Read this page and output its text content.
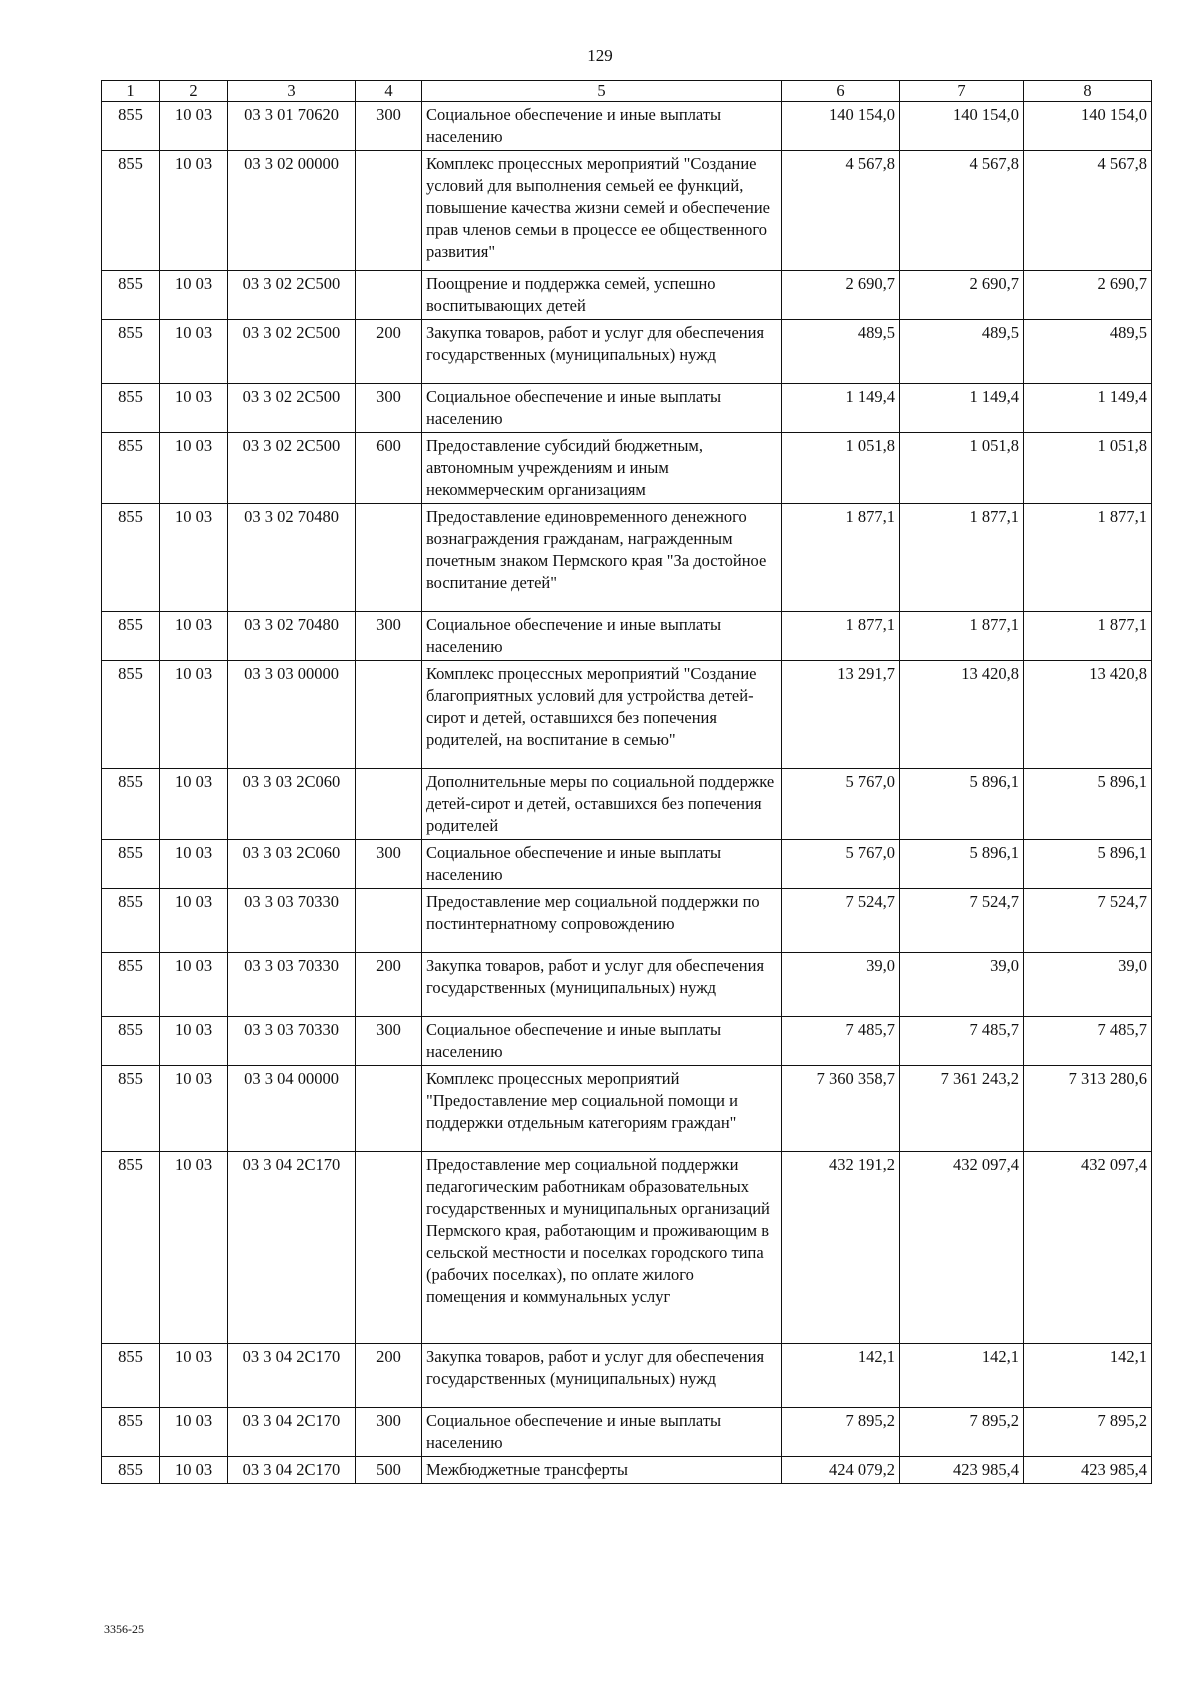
129
1	2	3	4	5	6	7	8
855	10 03	03 3 01 70620	300	Социальное обеспечение и иные выплаты населению	140 154,0	140 154,0	140 154,0
855	10 03	03 3 02 00000		Комплекс процессных мероприятий "Создание условий для выполнения семьей ее функций, повышение качества жизни семей и обеспечение прав членов семьи в процессе ее общественного развития"	4 567,8	4 567,8	4 567,8
855	10 03	03 3 02 2С500		Поощрение и поддержка семей, успешно воспитывающих детей	2 690,7	2 690,7	2 690,7
855	10 03	03 3 02 2С500	200	Закупка товаров, работ и услуг для обеспечения государственных (муниципальных) нужд	489,5	489,5	489,5
855	10 03	03 3 02 2С500	300	Социальное обеспечение и иные выплаты населению	1 149,4	1 149,4	1 149,4
855	10 03	03 3 02 2С500	600	Предоставление субсидий бюджетным, автономным учреждениям и иным некоммерческим организациям	1 051,8	1 051,8	1 051,8
855	10 03	03 3 02 70480		Предоставление единовременного денежного вознаграждения гражданам, награжденным почетным знаком Пермского края "За достойное воспитание детей"	1 877,1	1 877,1	1 877,1
855	10 03	03 3 02 70480	300	Социальное обеспечение и иные выплаты населению	1 877,1	1 877,1	1 877,1
855	10 03	03 3 03 00000		Комплекс процессных мероприятий "Создание благоприятных условий для устройства детей-сирот и детей, оставшихся без попечения родителей, на воспитание в семью"	13 291,7	13 420,8	13 420,8
855	10 03	03 3 03 2С060		Дополнительные меры по социальной поддержке детей-сирот и детей, оставшихся без попечения родителей	5 767,0	5 896,1	5 896,1
855	10 03	03 3 03 2С060	300	Социальное обеспечение и иные выплаты населению	5 767,0	5 896,1	5 896,1
855	10 03	03 3 03 70330		Предоставление мер социальной поддержки по постинтернатному сопровождению	7 524,7	7 524,7	7 524,7
855	10 03	03 3 03 70330	200	Закупка товаров, работ и услуг для обеспечения государственных (муниципальных) нужд	39,0	39,0	39,0
855	10 03	03 3 03 70330	300	Социальное обеспечение и иные выплаты населению	7 485,7	7 485,7	7 485,7
855	10 03	03 3 04 00000		Комплекс процессных мероприятий "Предоставление мер социальной помощи и поддержки отдельным категориям граждан"	7 360 358,7	7 361 243,2	7 313 280,6
855	10 03	03 3 04 2С170		Предоставление мер социальной поддержки педагогическим работникам образовательных государственных и муниципальных организаций Пермского края, работающим и проживающим в сельской местности и поселках городского типа (рабочих поселках), по оплате жилого помещения и коммунальных услуг	432 191,2	432 097,4	432 097,4
855	10 03	03 3 04 2С170	200	Закупка товаров, работ и услуг для обеспечения государственных (муниципальных) нужд	142,1	142,1	142,1
855	10 03	03 3 04 2С170	300	Социальное обеспечение и иные выплаты населению	7 895,2	7 895,2	7 895,2
855	10 03	03 3 04 2С170	500	Межбюджетные трансферты	424 079,2	423 985,4	423 985,4
3356-25
